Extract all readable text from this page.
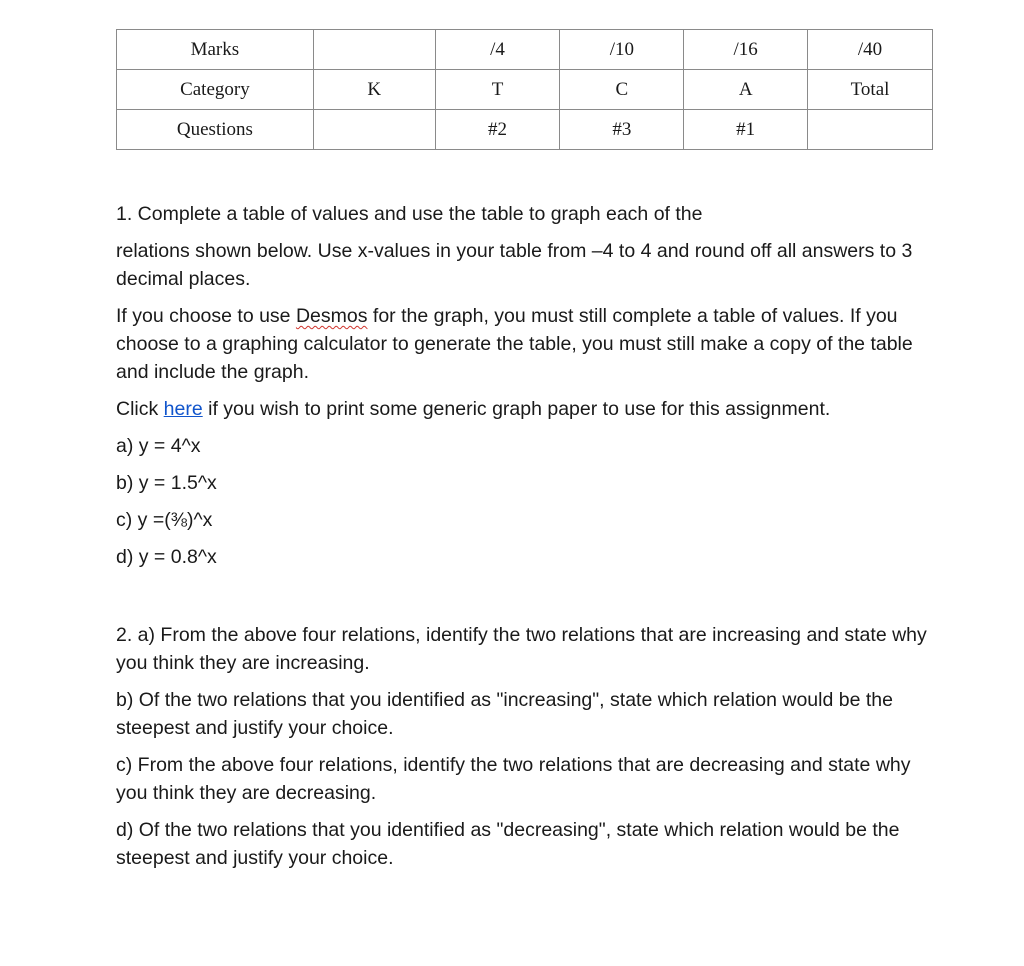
Marks		/4	/10	/16	/40
Category	K	T	C	A	Total
Questions		#2	#3	#1	

1. Complete a table of values and use the table to graph each of the

relations shown below. Use x-values in your table from –4 to 4 and round off all answers to 3 decimal places.

If you choose to use Desmos for the graph, you must still complete a table of values. If you choose to a graphing calculator to generate the table, you must still make a copy of the table and include the graph.

Click here if you wish to print some generic graph paper to use for this assignment.

a) y = 4^x

b) y = 1.5^x

c) y =(⅜)^x

d) y = 0.8^x

2. a) From the above four relations, identify the two relations that are increasing and state why you think they are increasing.

b) Of the two relations that you identified as "increasing", state which relation would be the steepest and justify your choice.

c) From the above four relations, identify the two relations that are decreasing and state why you think they are decreasing.

d) Of the two relations that you identified as "decreasing", state which relation would be the steepest and justify your choice.
